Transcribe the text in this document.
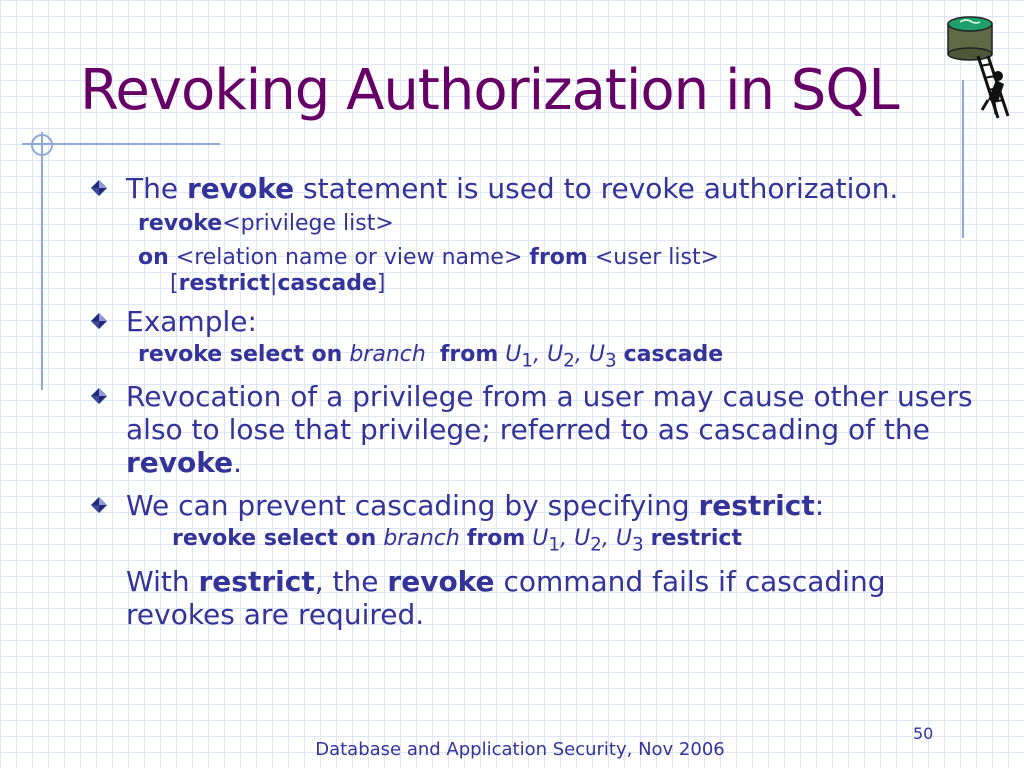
Revoking Authorization in SQL
The revoke statement is used to revoke authorization.
revoke<privilege list>
on <relation name or view name> from <user list>
[restrict|cascade]
Example:
revoke select on branch from $U_1$, $U_2$, $U_3$ cascade
Revocation of a privilege from a user may cause other users also to lose that privilege; referred to as cascading of the revoke.
We can prevent cascading by specifying restrict:
revoke select on branch from $U_1$, $U_2$, $U_3$ restrict
With restrict, the revoke command fails if cascading revokes are required.
50
Database and Application Security, Nov 2006
